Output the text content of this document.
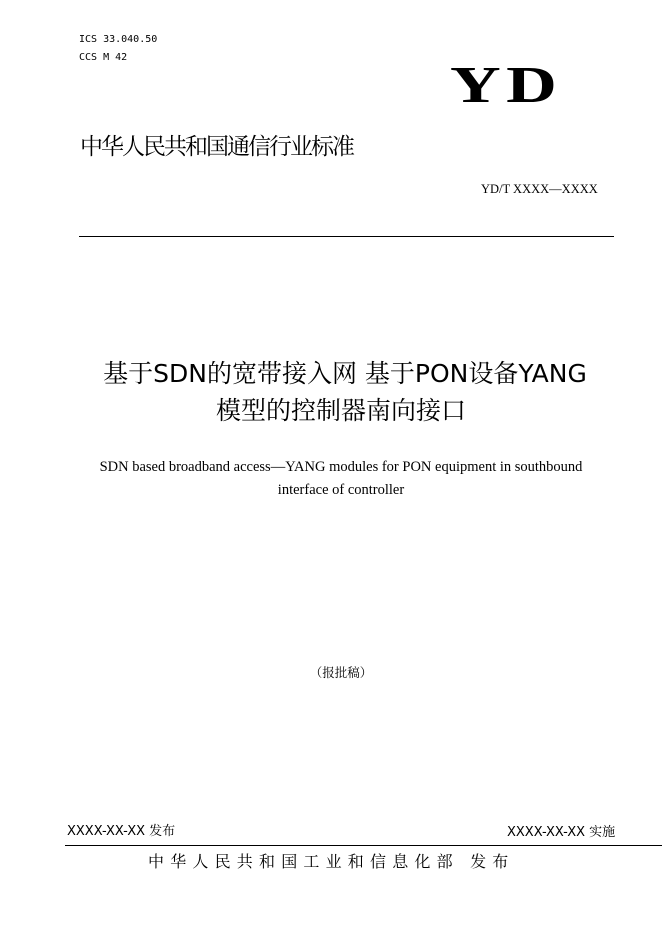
ICS 33.040.50
CCS M 42	YD
中华人民共和国通信行业标准
YD/T XXXX—XXXX
基于SDN的宽带接入网 基于PON设备YANG
模型的控制器南向接口
SDN based broadband access—YANG modules for PON equipment in southbound
interface of controller
（报批稿）
XXXX-XX-XX 发布	XXXX-XX-XX 实施
中华人民共和国工业和信息化部 发布
